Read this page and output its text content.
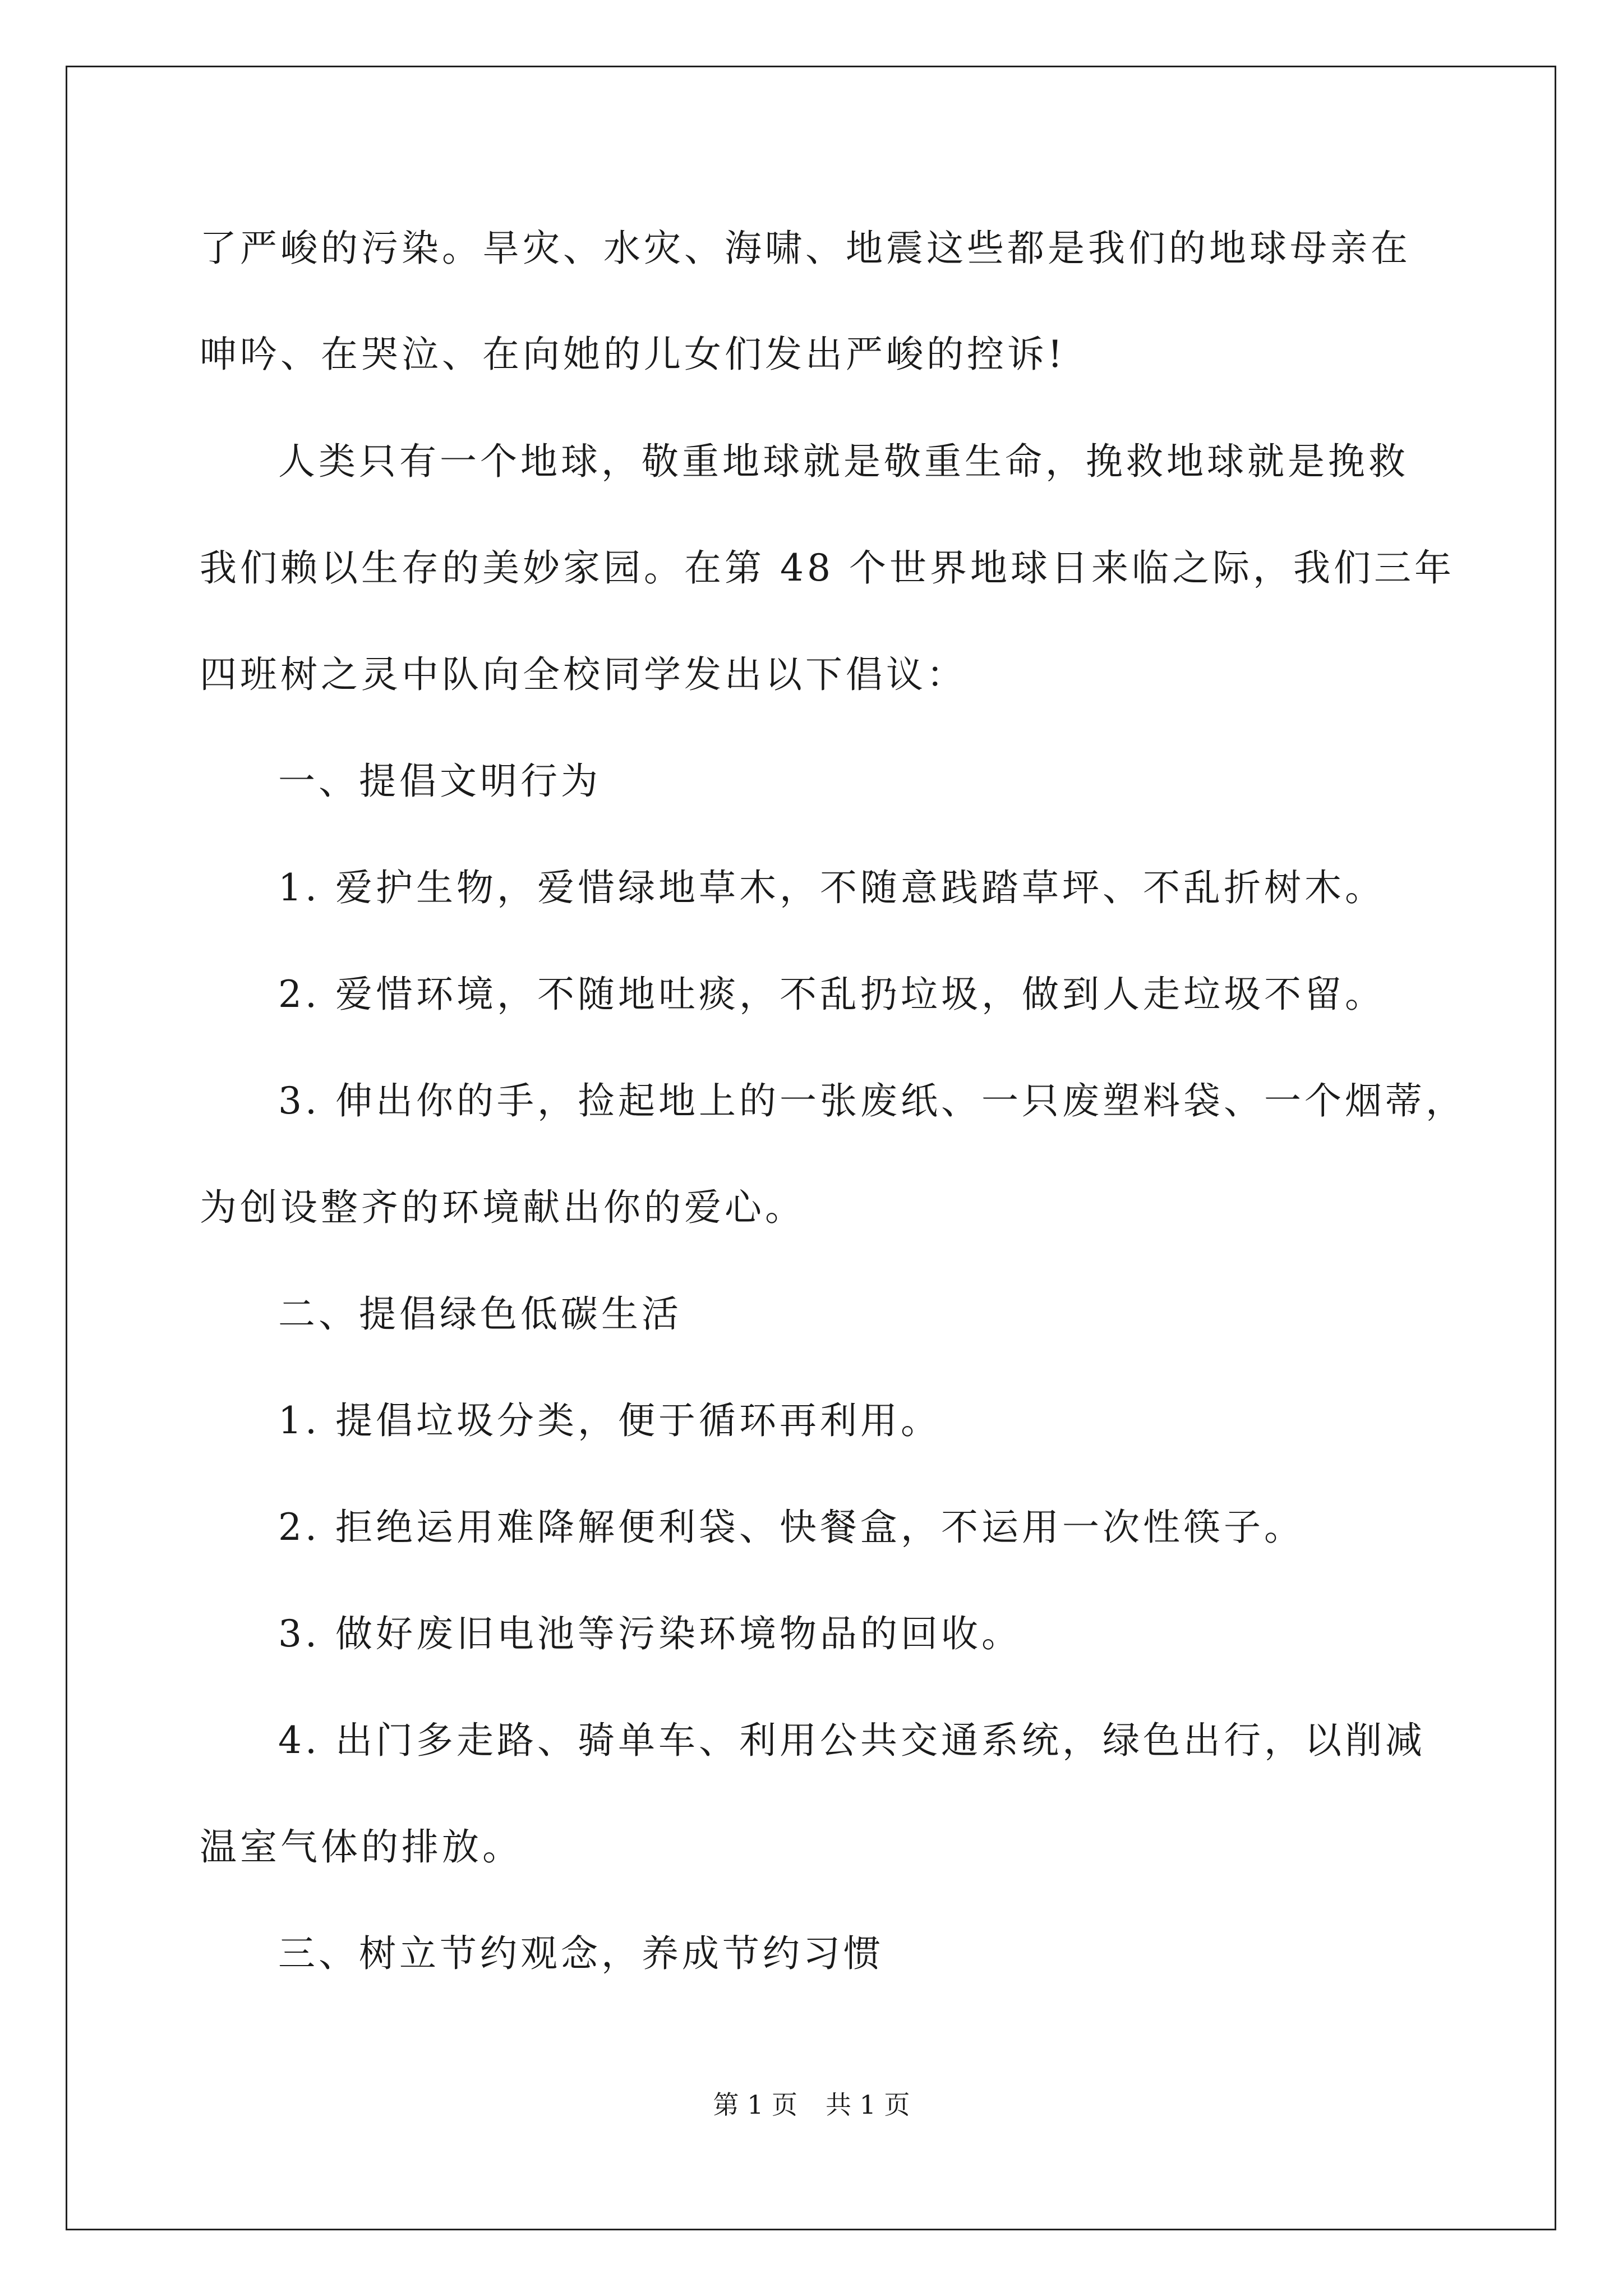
了严峻的污染。旱灾、水灾、海啸、地震这些都是我们的地球母亲在
呻吟、在哭泣、在向她的儿女们发出严峻的控诉!
人类只有一个地球，敬重地球就是敬重生命，挽救地球就是挽救
我们赖以生存的美妙家园。在第 48 个世界地球日来临之际，我们三年
四班树之灵中队向全校同学发出以下倡议：
一、提倡文明行为
1. 爱护生物，爱惜绿地草木，不随意践踏草坪、不乱折树木。
2. 爱惜环境，不随地吐痰，不乱扔垃圾，做到人走垃圾不留。
3. 伸出你的手，捡起地上的一张废纸、一只废塑料袋、一个烟蒂，
为创设整齐的环境献出你的爱心。
二、提倡绿色低碳生活
1. 提倡垃圾分类，便于循环再利用。
2. 拒绝运用难降解便利袋、快餐盒，不运用一次性筷子。
3. 做好废旧电池等污染环境物品的回收。
4. 出门多走路、骑单车、利用公共交通系统，绿色出行，以削减
温室气体的排放。
三、树立节约观念，养成节约习惯
第 1 页 共 1 页
